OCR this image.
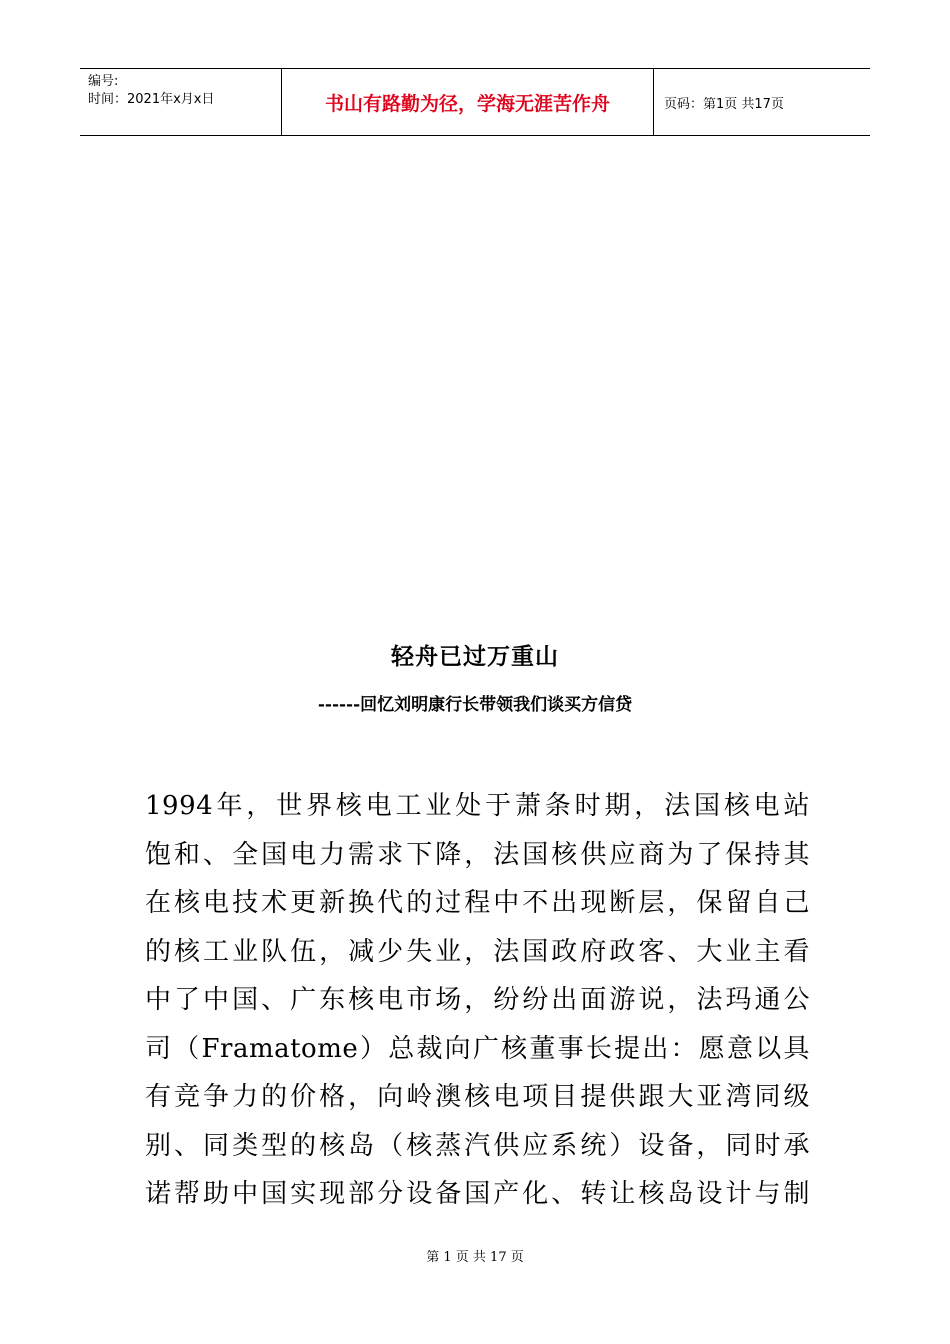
编号:
时间：2021年x月x日	书山有路勤为径，学海无涯苦作舟	页码：第1页 共17页
轻舟已过万重山
------回忆刘明康行长带领我们谈买方信贷
1994年，世界核电工业处于萧条时期，法国核电站
饱和、全国电力需求下降，法国核供应商为了保持其
在核电技术更新换代的过程中不出现断层，保留自己
的核工业队伍，减少失业，法国政府政客、大业主看
中了中国、广东核电市场，纷纷出面游说，法玛通公
司（Framatome）总裁向广核董事长提出：愿意以具
有竞争力的价格，向岭澳核电项目提供跟大亚湾同级
别、同类型的核岛（核蒸汽供应系统）设备，同时承
诺帮助中国实现部分设备国产化、转让核岛设计与制
第 1 页 共 17 页
